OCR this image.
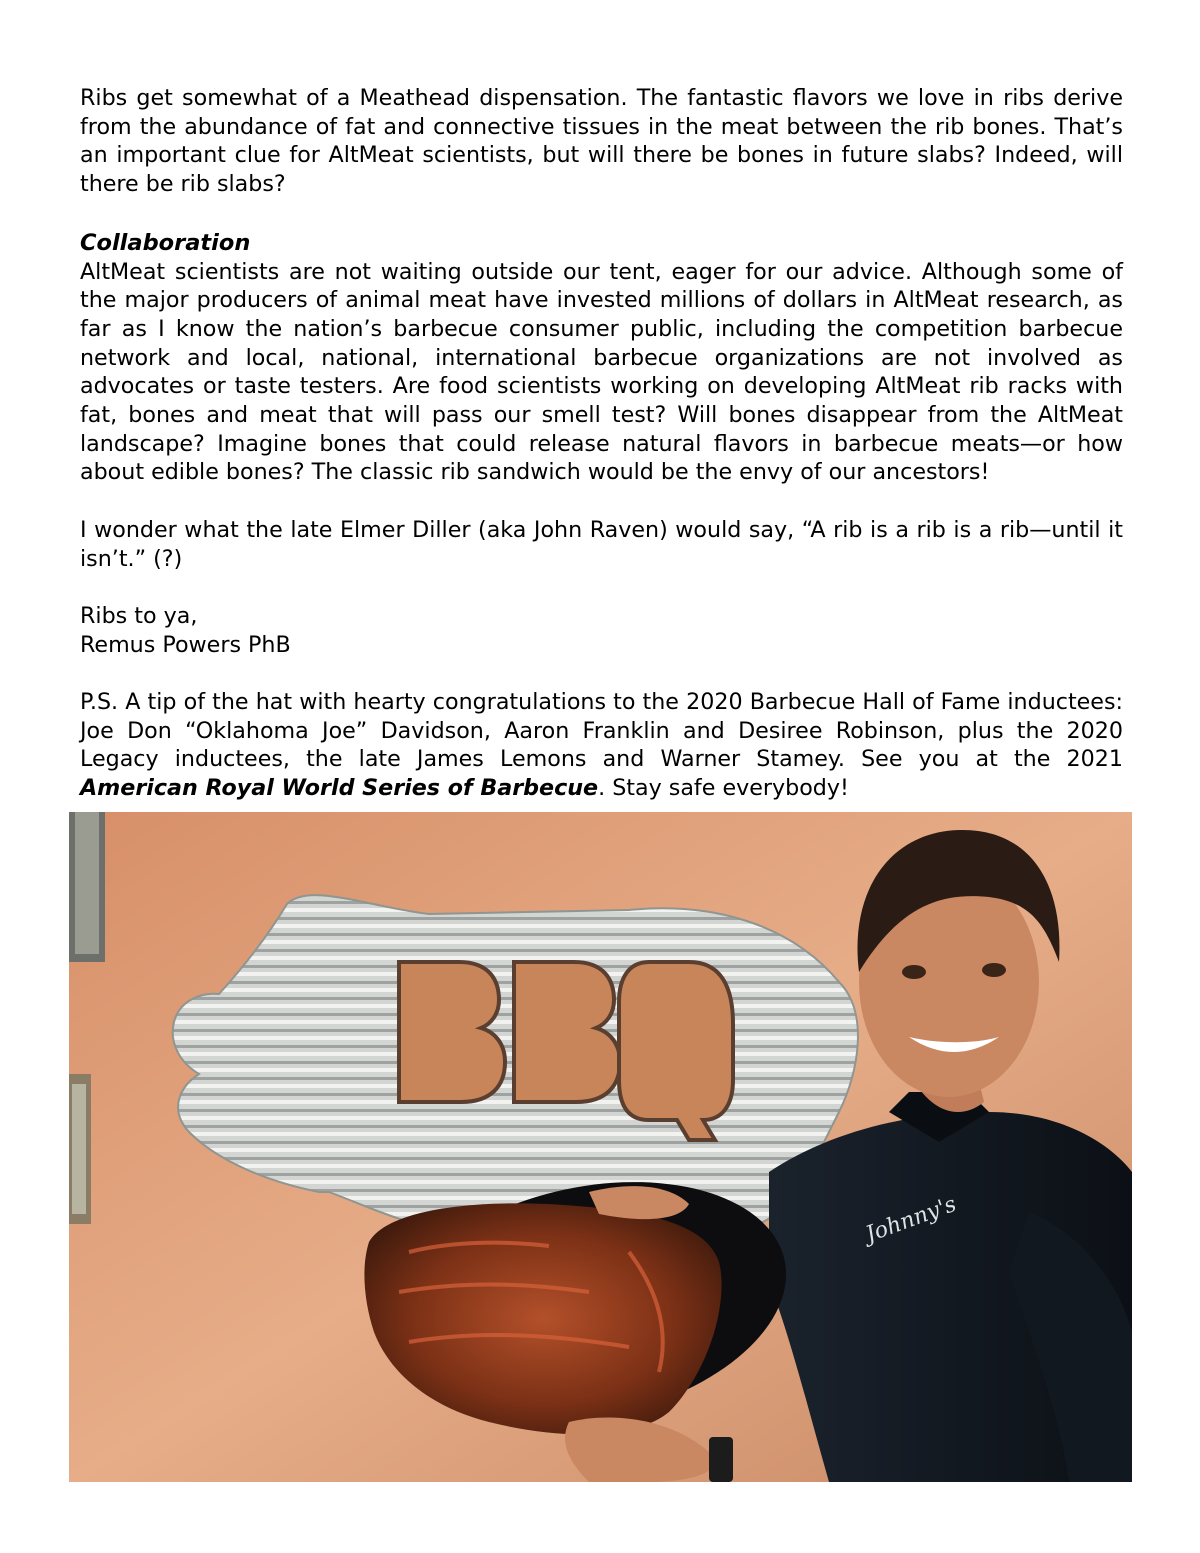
Ribs get somewhat of a Meathead dispensation. The fantastic flavors we love in ribs derive from the abundance of fat and connective tissues in the meat between the rib bones. That’s an important clue for AltMeat scientists, but will there be bones in future slabs? Indeed, will there be rib slabs?

Collaboration

AltMeat scientists are not waiting outside our tent, eager for our advice. Although some of the major producers of animal meat have invested millions of dollars in AltMeat research, as far as I know the nation’s barbecue consumer public, including the competition barbecue network and local, national, international barbecue organizations are not involved as advocates or taste testers. Are food scientists working on developing AltMeat rib racks with fat, bones and meat that will pass our smell test? Will bones disappear from the AltMeat landscape? Imagine bones that could release natural flavors in barbecue meats—or how about edible bones? The classic rib sandwich would be the envy of our ancestors!

I wonder what the late Elmer Diller (aka John Raven) would say, “A rib is a rib is a rib—until it isn’t.” (?)

Ribs to ya,
Remus Powers PhB

P.S. A tip of the hat with hearty congratulations to the 2020 Barbecue Hall of Fame inductees: Joe Don “Oklahoma Joe” Davidson, Aaron Franklin and Desiree Robinson, plus the 2020 Legacy inductees, the late James Lemons and Warner Stamey. See you at the 2021 American Royal World Series of Barbecue. Stay safe everybody!

Johnny's
